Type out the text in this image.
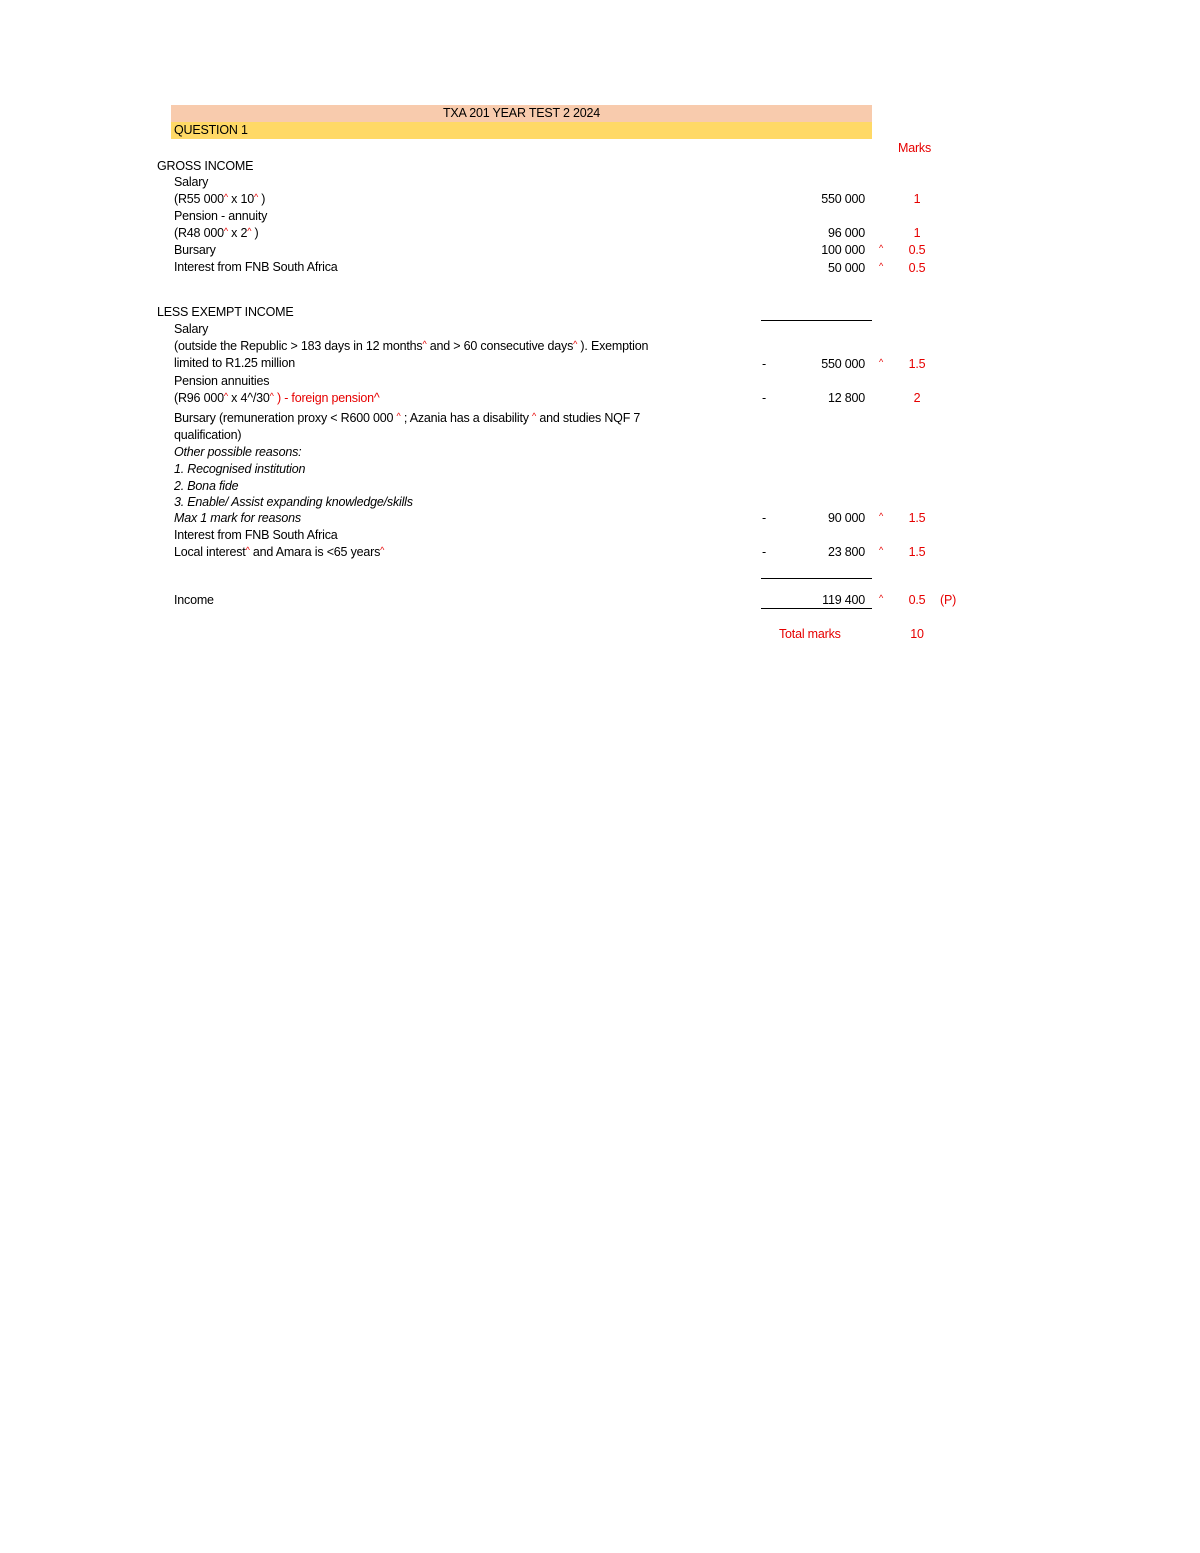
TXA 201 YEAR TEST 2 2024
QUESTION 1
Marks
GROSS INCOME
Salary
(R55 000^ x 10^ )	550 000	1
Pension - annuity
(R48 000^ x 2^ )	96 000	1
Bursary	100 000 ^	0.5
Interest from FNB South Africa	50 000 ^	0.5
LESS EXEMPT INCOME
Salary
(outside the Republic > 183 days in 12 months^ and > 60 consecutive days^ ). Exemption
limited to R1.25 million	-	550 000 ^	1.5
Pension annuities
(R96 000^ x 4^/30^ ) - foreign pension^	-	12 800	2
Bursary (remuneration proxy < R600 000 ^ ; Azania has a disability ^ and studies NQF 7
qualification)
Other possible reasons:
1. Recognised institution
2. Bona fide
3. Enable/ Assist expanding knowledge/skills
Max 1 mark for reasons	-	90 000 ^	1.5
Interest from FNB South Africa
Local interest^ and Amara is <65 years^	-	23 800 ^	1.5
Income	119 400 ^	0.5	(P)
Total marks	10
